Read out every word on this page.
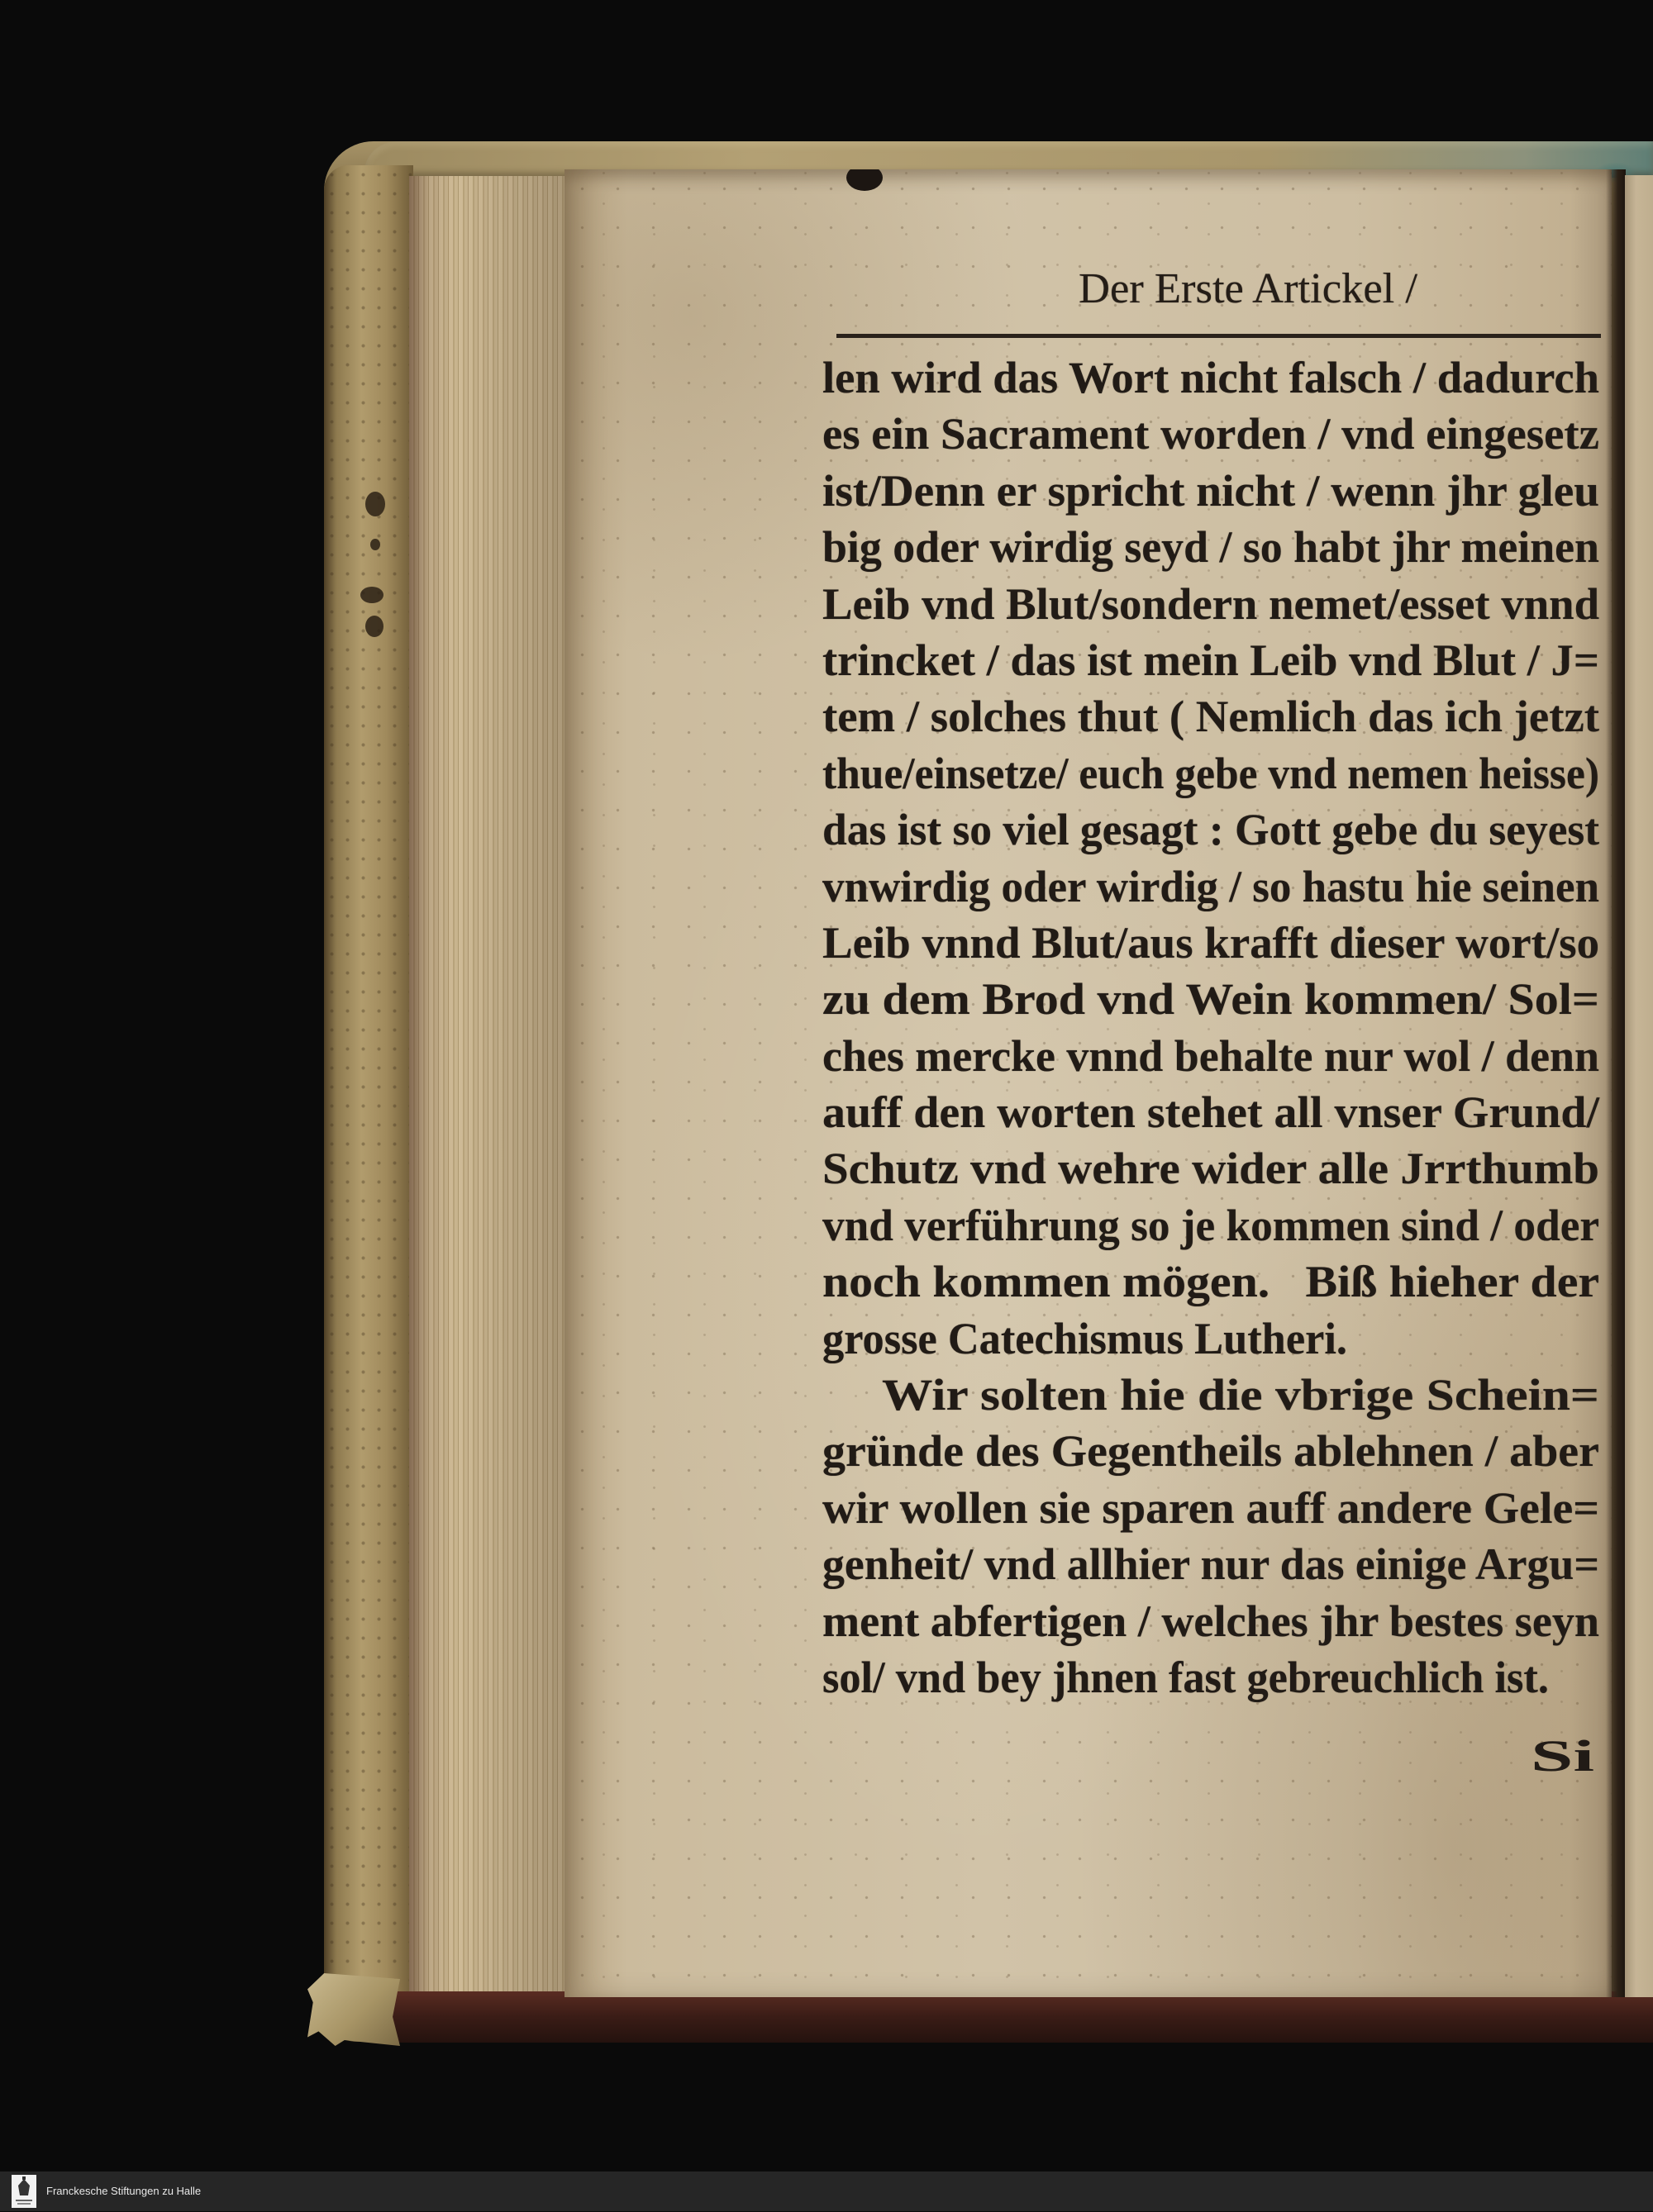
Der Erste Artickel /
len wird das Wort nicht falsch / dadurch
es ein Sacrament worden / vnd eingesetz
ist/Denn er spricht nicht / wenn jhr gleu
big oder wirdig seyd / so habt jhr meinen
Leib vnd Blut/sondern nemet/esset vnnd
trincket / das ist mein Leib vnd Blut / J=
tem / solches thut ( Nemlich das ich jetzt
thue/einsetze/ euch gebe vnd nemen heisse)
das ist so viel gesagt : Gott gebe du seyest
vnwirdig oder wirdig / so hastu hie seinen
Leib vnnd Blut/aus krafft dieser wort/so
zu dem Brod vnd Wein kommen/ Sol=
ches mercke vnnd behalte nur wol / denn
auff den worten stehet all vnser Grund/
Schutz vnd wehre wider alle Jrrthumb
vnd verführung so je kommen sind / oder
noch kommen mögen.   Biß hieher der
grosse Catechismus Lutheri.
Wir solten hie die vbrige Schein=
gründe des Gegentheils ablehnen / aber
wir wollen sie sparen auff andere Gele=
genheit/ vnd allhier nur das einige Argu=
ment abfertigen / welches jhr bestes seyn
sol/ vnd bey jhnen fast gebreuchlich ist.
Si
Franckesche Stiftungen zu Halle
